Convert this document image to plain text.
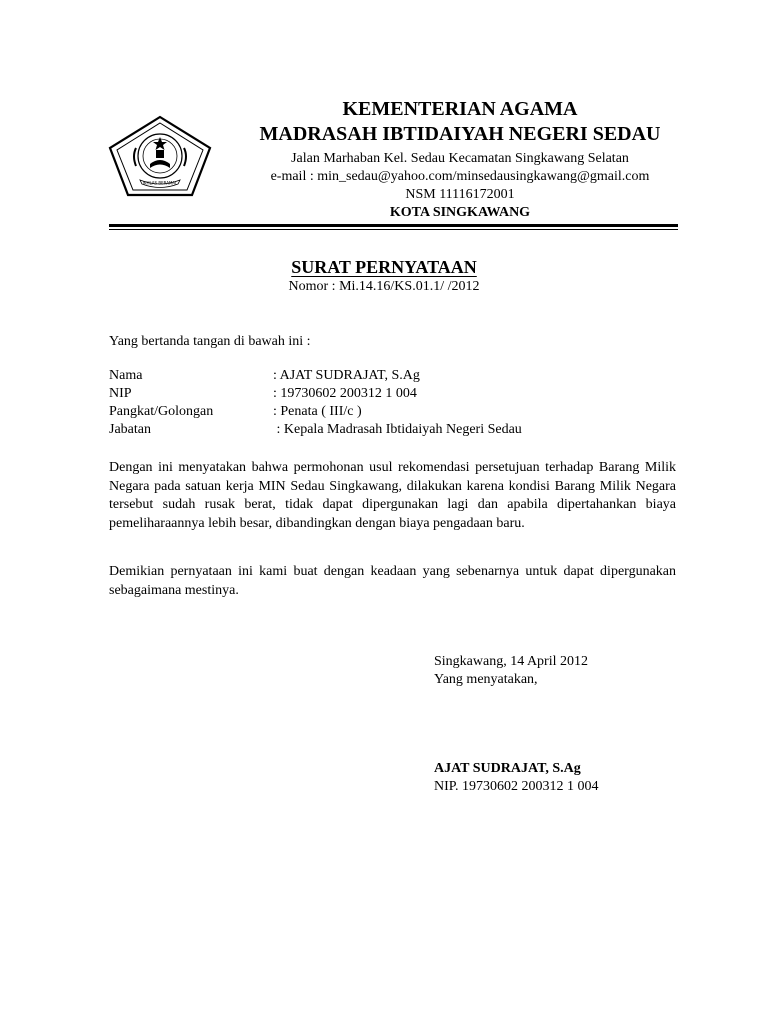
IKHLAS BERAMAL
KEMENTERIAN AGAMA
MADRASAH IBTIDAIYAH NEGERI SEDAU
Jalan Marhaban Kel. Sedau Kecamatan Singkawang Selatan
e-mail : min_sedau@yahoo.com/minsedausingkawang@gmail.com
NSM 11116172001
KOTA SINGKAWANG
SURAT PERNYATAAN
Nomor : Mi.14.16/KS.01.1/ /2012
Yang bertanda tangan di bawah ini :
Nama	: AJAT SUDRAJAT, S.Ag
NIP	: 19730602 200312 1 004
Pangkat/Golongan	: Penata ( III/c )
Jabatan	: Kepala Madrasah Ibtidaiyah Negeri Sedau
Dengan ini menyatakan bahwa permohonan usul rekomendasi persetujuan terhadap Barang Milik Negara pada satuan kerja MIN Sedau Singkawang, dilakukan karena kondisi Barang Milik Negara tersebut sudah rusak berat, tidak dapat dipergunakan lagi dan apabila dipertahankan biaya pemeliharaannya lebih besar, dibandingkan dengan biaya pengadaan baru.
Demikian pernyataan ini kami buat dengan keadaan yang sebenarnya untuk dapat dipergunakan sebagaimana mestinya.
Singkawang, 14 April 2012
Yang menyatakan,
AJAT SUDRAJAT, S.Ag
NIP. 19730602 200312 1 004
